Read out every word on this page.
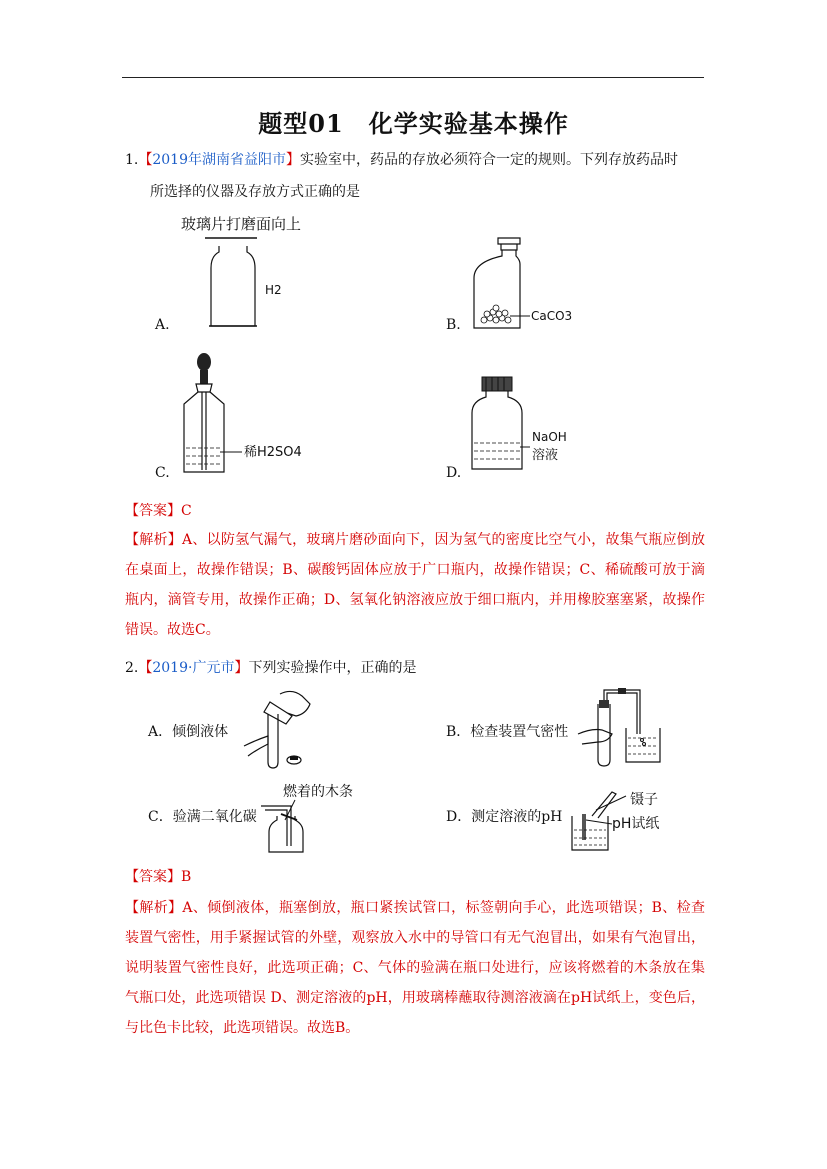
题型01　化学实验基本操作
1.【2019年湖南省益阳市】实验室中，药品的存放必须符合一定的规则。下列存放药品时
所选择的仪器及存放方式正确的是
A.
玻璃片打磨面向上
H2
B.
CaCO3
C.
稀H2SO4
D.
NaOH
溶液
【答案】C
【解析】A、以防氢气漏气，玻璃片磨砂面向下，因为氢气的密度比空气小，故集气瓶应倒放在桌面上，故操作错误；B、碳酸钙固体应放于广口瓶内，故操作错误；C、稀硫酸可放于滴瓶内，滴管专用，故操作正确；D、氢氧化钠溶液应放于细口瓶内，并用橡胶塞塞紧，故操作错误。故选C。
2.【2019·广元市】下列实验操作中，正确的是
A．倾倒液体	B．检查装置气密性
C．验满二氧化碳
燃着的木条
D．测定溶液的pH
镊子
pH试纸
【答案】B
【解析】A、倾倒液体，瓶塞倒放，瓶口紧挨试管口，标签朝向手心，此选项错误；B、检查装置气密性，用手紧握试管的外壁，观察放入水中的导管口有无气泡冒出，如果有气泡冒出，说明装置气密性良好，此选项正确；C、气体的验满在瓶口处进行，应该将燃着的木条放在集气瓶口处，此选项错误 D、测定溶液的pH，用玻璃棒蘸取待测溶液滴在pH试纸上，变色后，与比色卡比较，此选项错误。故选B。
